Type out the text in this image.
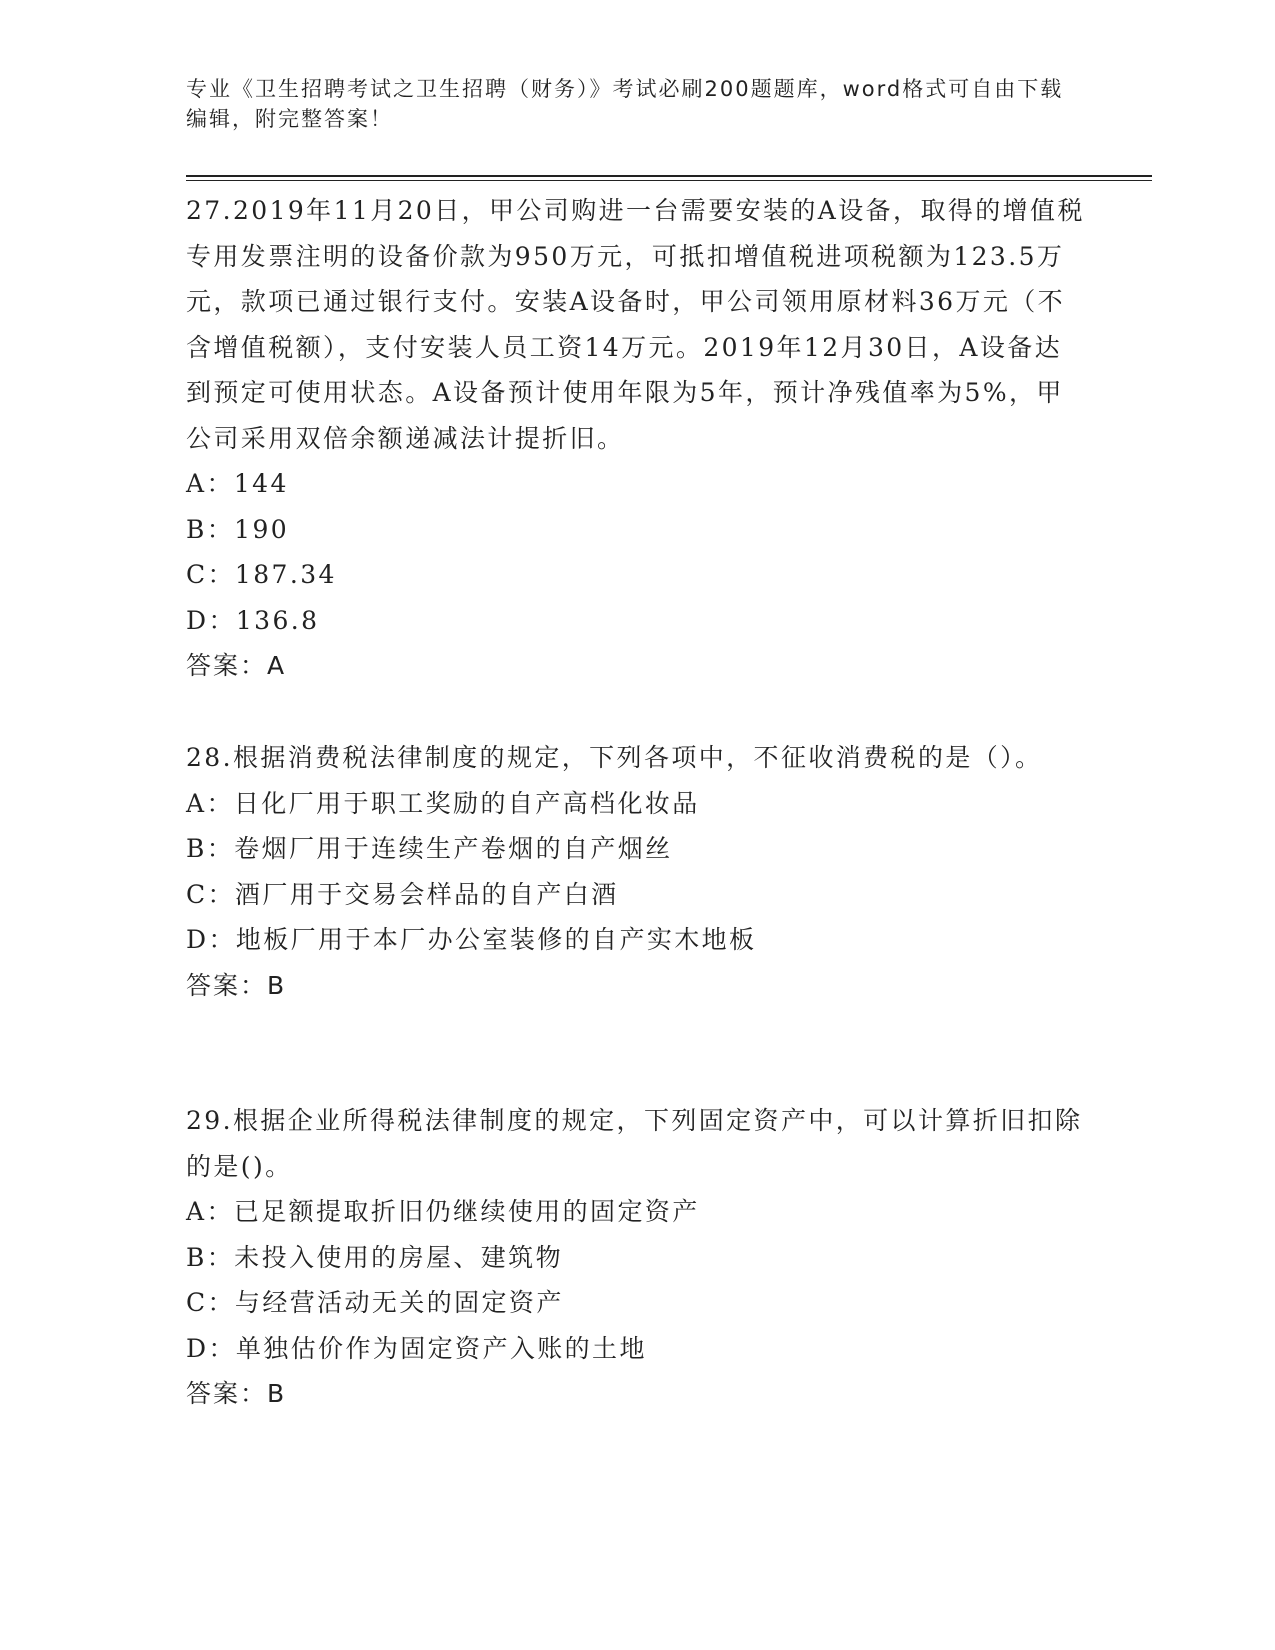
专业《卫生招聘考试之卫生招聘（财务）》考试必刷200题题库，word格式可自由下载编辑，附完整答案！

27.2019年11月20日，甲公司购进一台需要安装的A设备，取得的增值税专用发票注明的设备价款为950万元，可抵扣增值税进项税额为123.5万元，款项已通过银行支付。安装A设备时，甲公司领用原材料36万元（不含增值税额），支付安装人员工资14万元。2019年12月30日，A设备达到预定可使用状态。A设备预计使用年限为5年，预计净残值率为5%，甲公司采用双倍余额递减法计提折旧。

A：144

B：190

C：187.34

D：136.8

答案：A

28.根据消费税法律制度的规定，下列各项中，不征收消费税的是（）。

A：日化厂用于职工奖励的自产高档化妆品

B：卷烟厂用于连续生产卷烟的自产烟丝

C：酒厂用于交易会样品的自产白酒

D：地板厂用于本厂办公室装修的自产实木地板

答案：B

29.根据企业所得税法律制度的规定，下列固定资产中，可以计算折旧扣除的是()。

A：已足额提取折旧仍继续使用的固定资产

B：未投入使用的房屋、建筑物

C：与经营活动无关的固定资产

D：单独估价作为固定资产入账的土地

答案：B
